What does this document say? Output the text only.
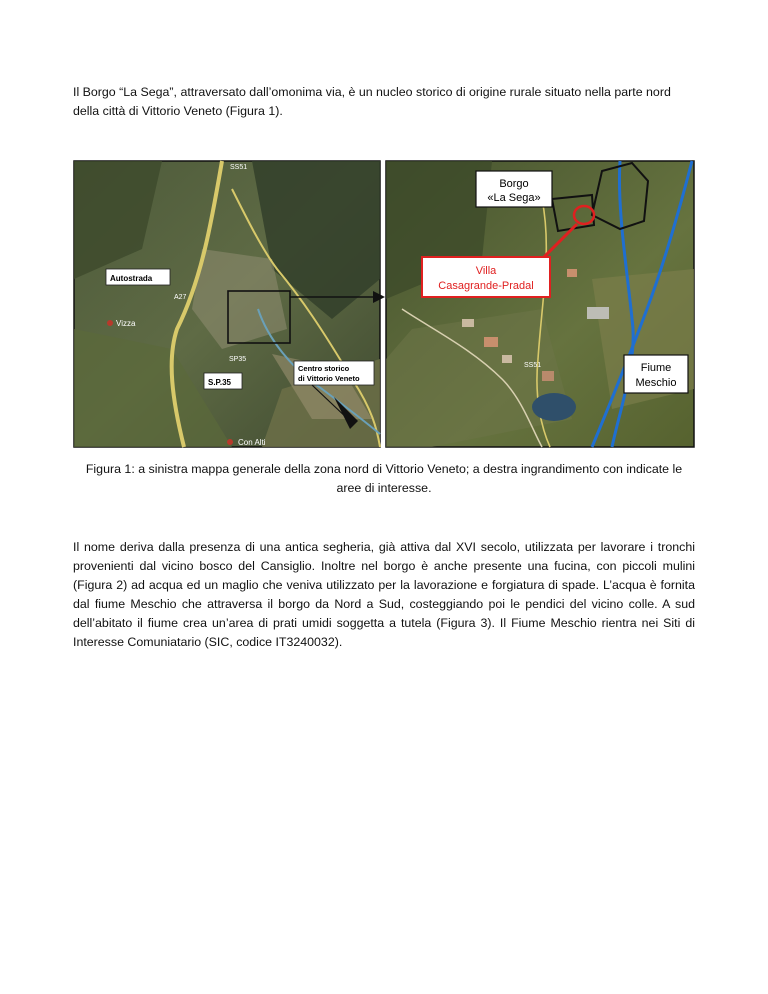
Il Borgo “La Sega”, attraversato dall’omonima via, è un nucleo storico di origine rurale situato nella parte nord della città di Vittorio Veneto (Figura 1).

Autostrada
Vizza
S.P.35
SP35
A27
SS51
Centro storico
di Vittorio Veneto
Con Alti
Borgo
«La Sega»
Villa
Casagrande-Pradal
Fiume
Meschio
SS51

Figura 1: a sinistra mappa generale della zona nord di Vittorio Veneto; a destra ingrandimento con indicate le aree di interesse.

Il nome deriva dalla presenza di una antica segheria, già attiva dal XVI secolo, utilizzata per lavorare i tronchi provenienti dal vicino bosco del Cansiglio. Inoltre nel borgo è anche presente una fucina, con piccoli mulini (Figura 2) ad acqua ed un maglio che veniva utilizzato per la lavorazione e forgiatura di spade. L’acqua è fornita dal fiume Meschio che attraversa il borgo da Nord a Sud, costeggiando poi le pendici del vicino colle. A sud dell’abitato il fiume crea un’area di prati umidi soggetta a tutela (Figura 3). Il Fiume Meschio rientra nei Siti di Interesse Comuniatario (SIC, codice IT3240032).
